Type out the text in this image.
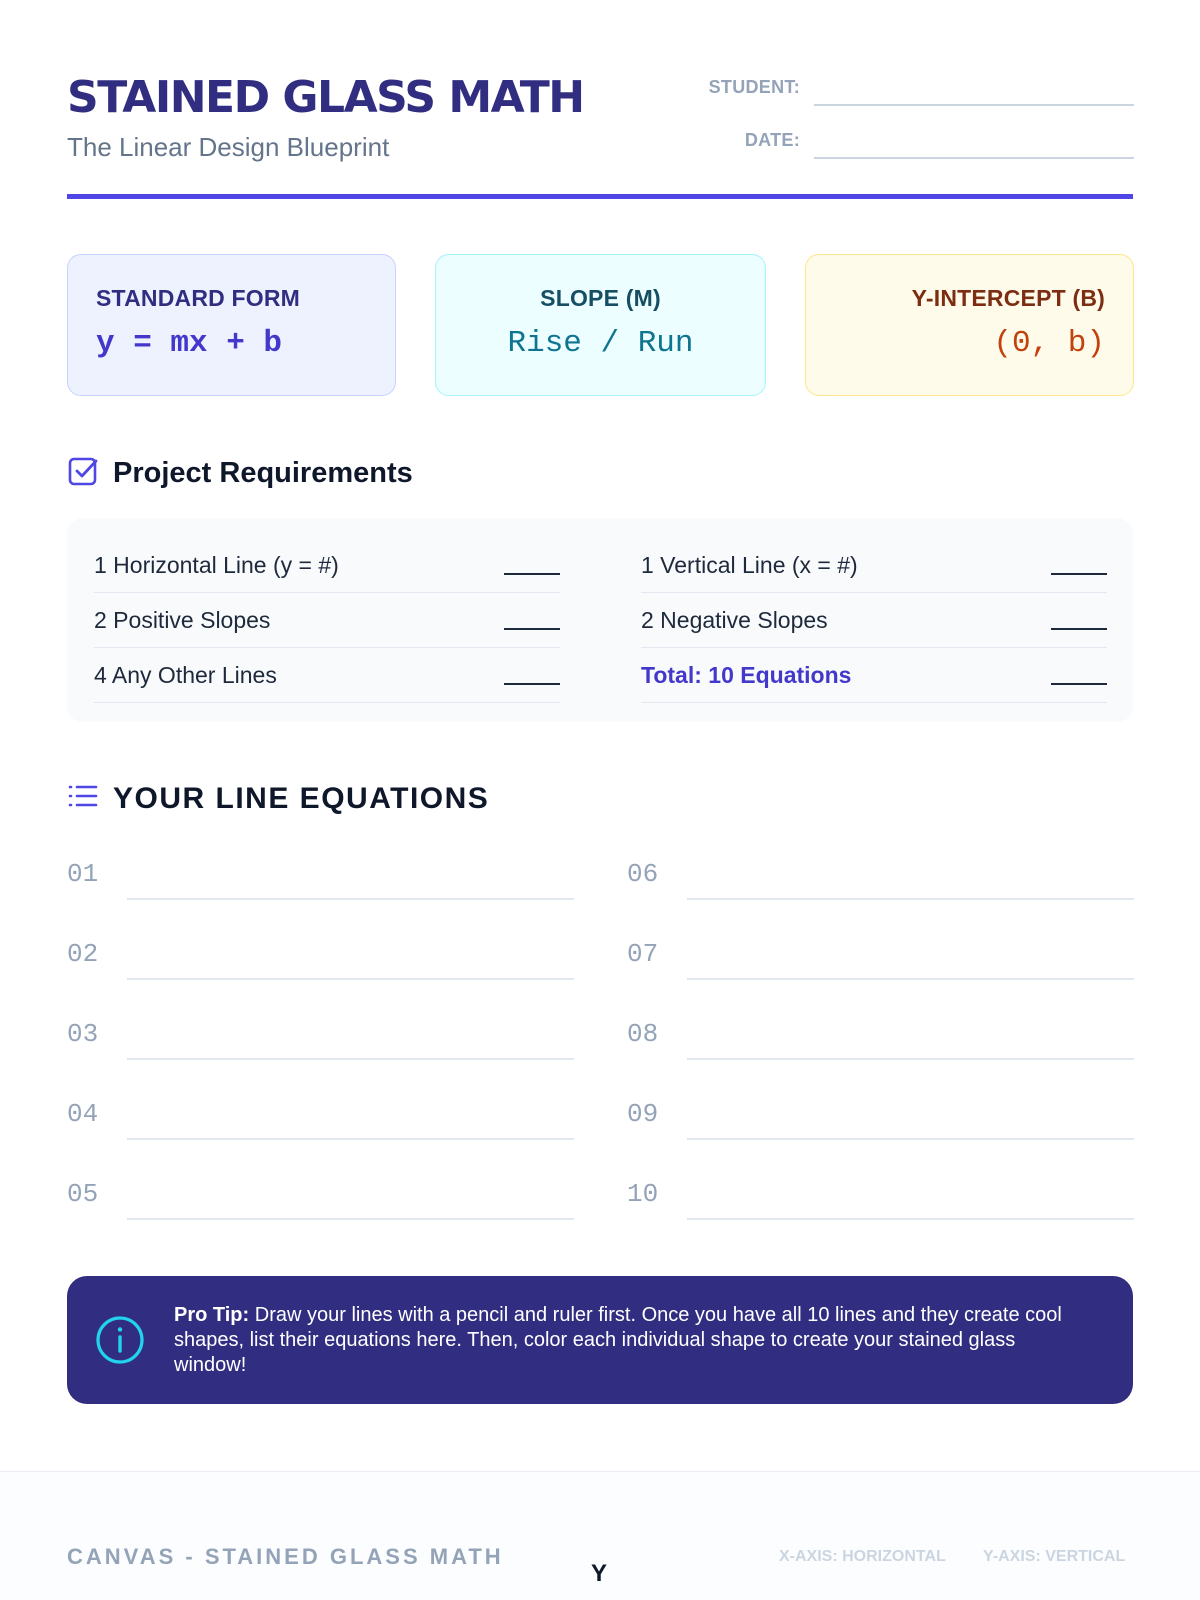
STAINED GLASS MATH
The Linear Design Blueprint
STUDENT:
DATE:
STANDARD FORM
y = mx + b
SLOPE (M)
Rise / Run
Y-INTERCEPT (B)
(0, b)
Project Requirements
1 Horizontal Line (y = #)
2 Positive Slopes
4 Any Other Lines
1 Vertical Line (x = #)
2 Negative Slopes
Total: 10 Equations
YOUR LINE EQUATIONS
01
02
03
04
05
06
07
08
09
10
Pro Tip: Draw your lines with a pencil and ruler first. Once you have all 10 lines and they create cool shapes, list their equations here. Then, color each individual shape to create your stained glass window!
CANVAS - STAINED GLASS MATH
Y
X-AXIS: HORIZONTAL Y-AXIS: VERTICAL
